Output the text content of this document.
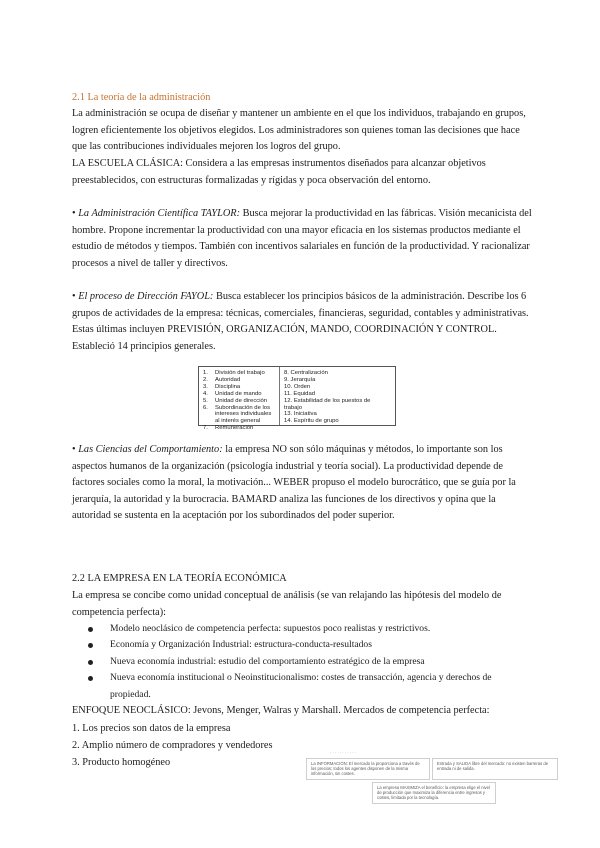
2.1 La teoría de la administración

La administración se ocupa de diseñar y mantener un ambiente en el que los individuos, trabajando en grupos, logren eficientemente los objetivos elegidos. Los administradores son quienes toman las decisiones que hace que las contribuciones individuales mejoren los logros del grupo.

LA ESCUELA CLÁSICA: Considera a las empresas instrumentos diseñados para alcanzar objetivos preestablecidos, con estructuras formalizadas y rígidas y poca observación del entorno.

• La Administración Científica TAYLOR: Busca mejorar la productividad en las fábricas. Visión mecanicista del hombre. Propone incrementar la productividad con una mayor eficacia en los sistemas productos mediante el estudio de métodos y tiempos. También con incentivos salariales en función de la productividad. Y racionalizar procesos a nivel de taller y directivos.

• El proceso de Dirección FAYOL: Busca establecer los principios básicos de la administración. Describe los 6 grupos de actividades de la empresa: técnicas, comerciales, financieras, seguridad, contables y administrativas. Estas últimas incluyen PREVISIÓN, ORGANIZACIÓN, MANDO, COORDINACIÓN Y CONTROL. Estableció 14 principios generales.

1.	División del trabajo
2.	Autoridad
3.	Disciplina
4.	Unidad de mando
5.	Unidad de dirección
6.	Subordinación de los intereses individuales al interés general
7.	Remuneración
8. Centralización
9. Jerarquía
10. Orden
11. Equidad
12. Estabilidad de los puestos de trabajo
13. Iniciativa
14. Espíritu de grupo

• Las Ciencias del Comportamiento: la empresa NO son sólo máquinas y métodos, lo importante son los aspectos humanos de la organización (psicología industrial y teoría social). La productividad depende de factores sociales como la moral, la motivación... WEBER propuso el modelo burocrático, que se guía por la jerarquía, la autoridad y la burocracia. BAMARD analiza las funciones de los directivos y opina que la autoridad se sustenta en la aceptación por los subordinados del poder superior.

2.2 LA EMPRESA EN LA TEORÍA ECONÓMICA

La empresa se concibe como unidad conceptual de análisis (se van relajando las hipótesis del modelo de competencia perfecta):

Modelo neoclásico de competencia perfecta: supuestos poco realistas y restrictivos.
Economía y Organización Industrial: estructura-conducta-resultados
Nueva economía industrial: estudio del comportamiento estratégico de la empresa
Nueva economía institucional o Neoinstitucionalismo: costes de transacción, agencia y derechos de propiedad.

ENFOQUE NEOCLÁSICO: Jevons, Menger, Walras y Marshall. Mercados de competencia perfecta:

1. Los precios son datos de la empresa
2. Amplio número de compradores y vendedores
3. Producto homogéneo
· · · · · · · · · · ·
La INFORMACIÓN: El mercado la proporciona a través de los precios; todos los agentes disponen de la misma información, sin costes.
Entrada y SALIDA libre del mercado: no existen barreras de entrada ni de salida.
La empresa MAXIMIZA el beneficio: la empresa elige el nivel de producción que maximiza la diferencia entre ingresos y costes, limitada por la tecnología.
